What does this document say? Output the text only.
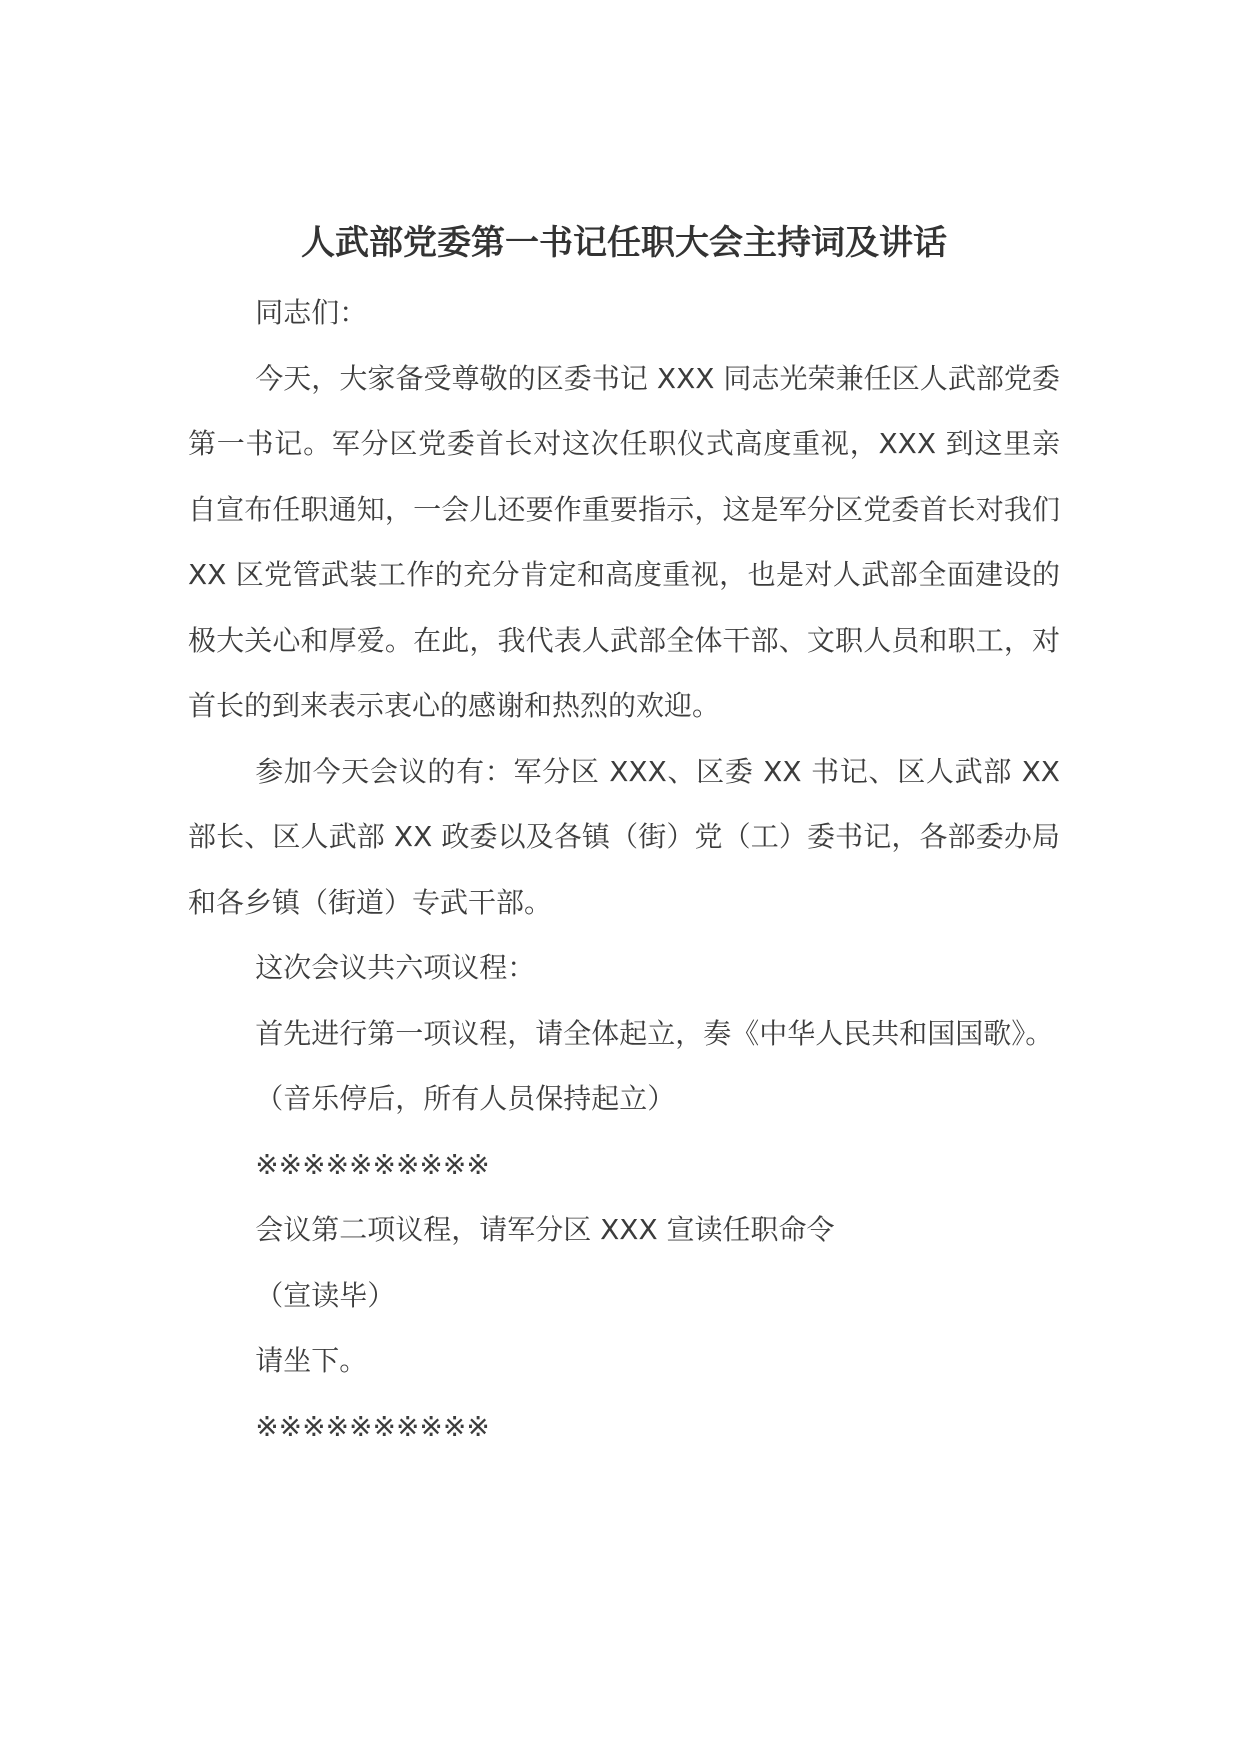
人武部党委第一书记任职大会主持词及讲话

同志们：

今天，大家备受尊敬的区委书记 XXX 同志光荣兼任区人武部党委第一书记。军分区党委首长对这次任职仪式高度重视，XXX 到这里亲自宣布任职通知，一会儿还要作重要指示，这是军分区党委首长对我们 XX 区党管武装工作的充分肯定和高度重视，也是对人武部全面建设的极大关心和厚爱。在此，我代表人武部全体干部、文职人员和职工，对首长的到来表示衷心的感谢和热烈的欢迎。

参加今天会议的有：军分区 XXX、区委 XX 书记、区人武部 XX 部长、区人武部 XX 政委以及各镇（街）党（工）委书记，各部委办局和各乡镇（街道）专武干部。

这次会议共六项议程：

首先进行第一项议程，请全体起立，奏《中华人民共和国国歌》。

（音乐停后，所有人员保持起立）

※※※※※※※※※※

会议第二项议程，请军分区 XXX 宣读任职命令

（宣读毕）

请坐下。

※※※※※※※※※※
